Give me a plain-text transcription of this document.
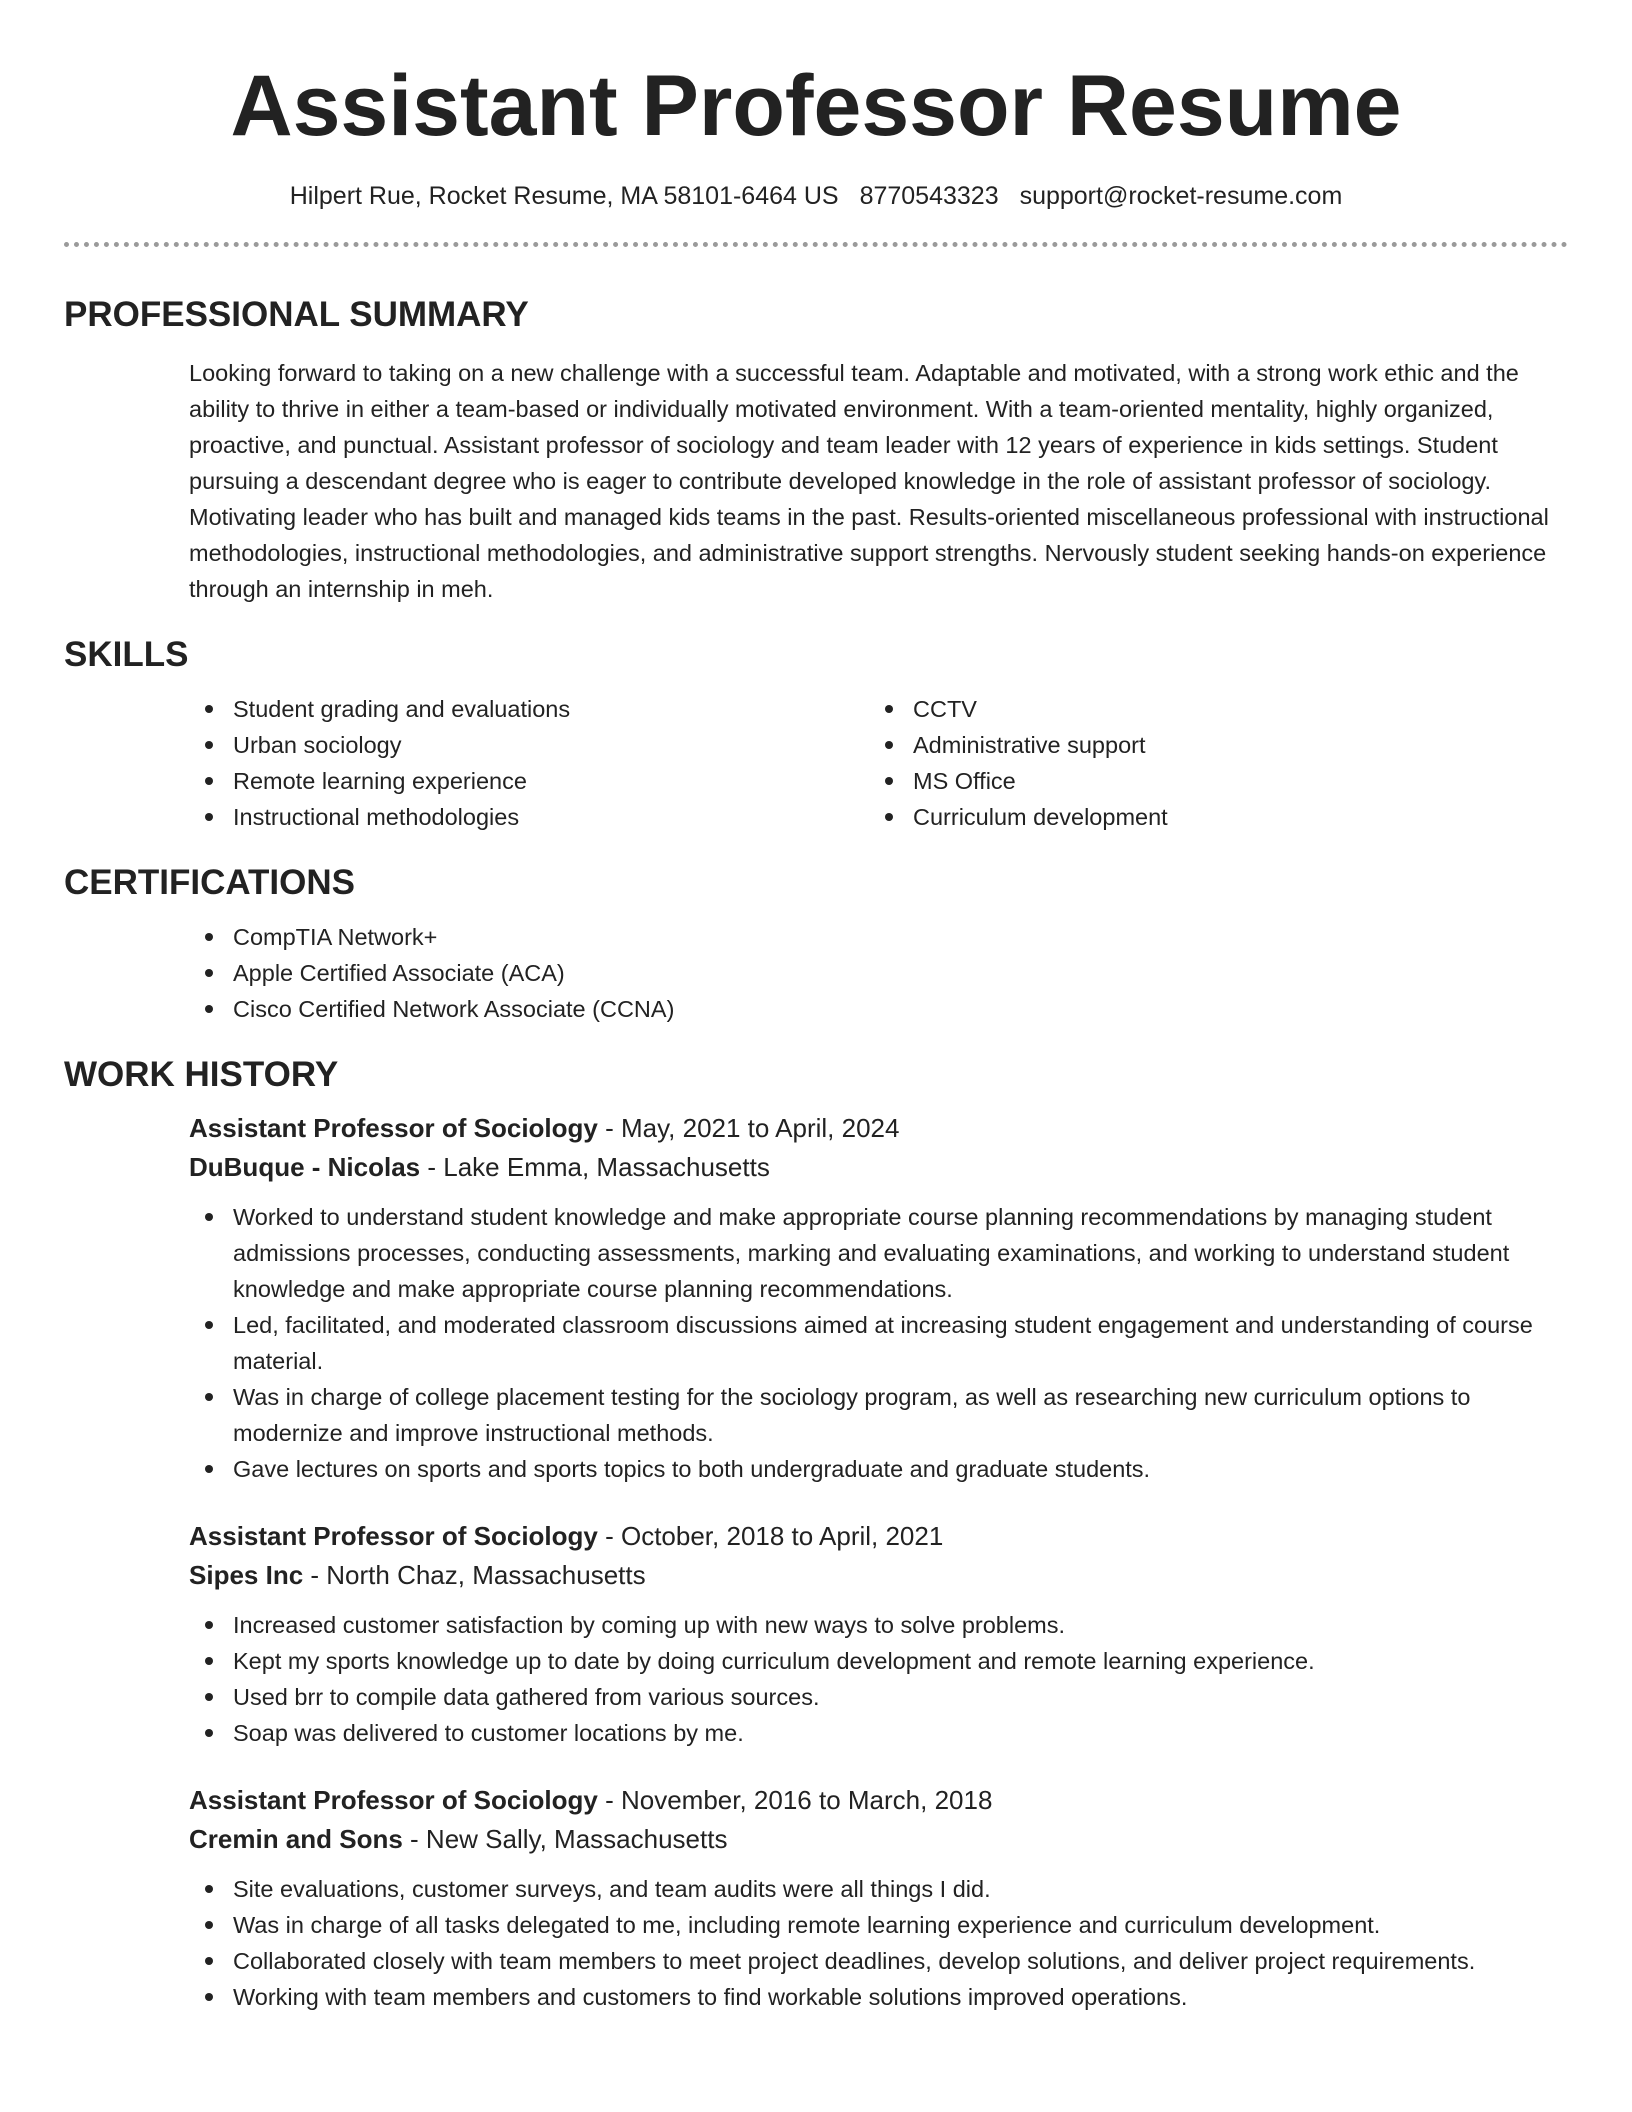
Assistant Professor Resume
Hilpert Rue, Rocket Resume, MA 58101-6464 US 8770543323 support@rocket-resume.com
PROFESSIONAL SUMMARY

Looking forward to taking on a new challenge with a successful team. Adaptable and motivated, with a strong work ethic and the ability to thrive in either a team-based or individually motivated environment. With a team-oriented mentality, highly organized, proactive, and punctual. Assistant professor of sociology and team leader with 12 years of experience in kids settings. Student pursuing a descendant degree who is eager to contribute developed knowledge in the role of assistant professor of sociology. Motivating leader who has built and managed kids teams in the past. Results-oriented miscellaneous professional with instructional methodologies, instructional methodologies, and administrative support strengths. Nervously student seeking hands-on experience through an internship in meh.

SKILLS
Student grading and evaluations
Urban sociology
Remote learning experience
Instructional methodologies
CCTV
Administrative support
MS Office
Curriculum development
CERTIFICATIONS
CompTIA Network+
Apple Certified Associate (ACA)
Cisco Certified Network Associate (CCNA)
WORK HISTORY
Assistant Professor of Sociology - May, 2021 to April, 2024
DuBuque - Nicolas - Lake Emma, Massachusetts
Worked to understand student knowledge and make appropriate course planning recommendations by managing student admissions processes, conducting assessments, marking and evaluating examinations, and working to understand student knowledge and make appropriate course planning recommendations.
Led, facilitated, and moderated classroom discussions aimed at increasing student engagement and understanding of course material.
Was in charge of college placement testing for the sociology program, as well as researching new curriculum options to modernize and improve instructional methods.
Gave lectures on sports and sports topics to both undergraduate and graduate students.
Assistant Professor of Sociology - October, 2018 to April, 2021
Sipes Inc - North Chaz, Massachusetts
Increased customer satisfaction by coming up with new ways to solve problems.
Kept my sports knowledge up to date by doing curriculum development and remote learning experience.
Used brr to compile data gathered from various sources.
Soap was delivered to customer locations by me.
Assistant Professor of Sociology - November, 2016 to March, 2018
Cremin and Sons - New Sally, Massachusetts
Site evaluations, customer surveys, and team audits were all things I did.
Was in charge of all tasks delegated to me, including remote learning experience and curriculum development.
Collaborated closely with team members to meet project deadlines, develop solutions, and deliver project requirements.
Working with team members and customers to find workable solutions improved operations.
